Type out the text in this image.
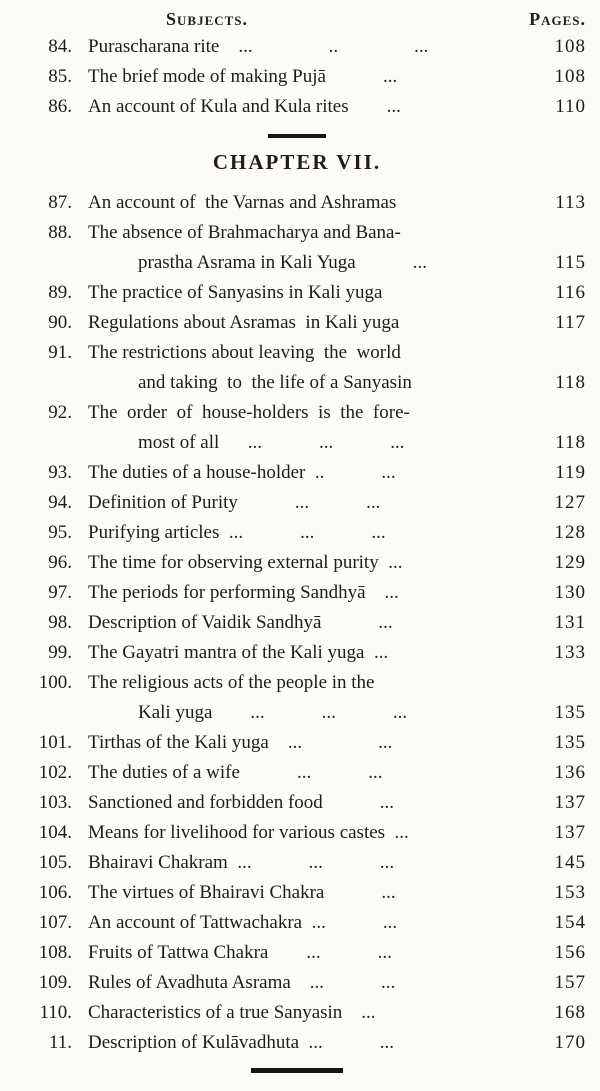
Subjects.	Pages.
84. Purascharana rite ...    ..    ...	108
85. The brief mode of making Pujā   ...	108
86. An account of Kula and Kula rites  ...	110
CHAPTER VII.
87. An account of the Varnas and Ashramas	113
88. The absence of Brahmacharya and Bana-
prastha Asrama in Kali Yuga   ...	115
89. The practice of Sanyasins in Kali yuga	116
90. Regulations about Asramas in Kali yuga	117
91. The restrictions about leaving the world
and taking to the life of a Sanyasin	118
92. The order of house-holders is the fore-
most of all  ...   ...   ...	118
93. The duties of a house-holder ..   ...	119
94. Definition of Purity   ...   ...	127
95. Purifying articles ...   ...   ...	128
96. The time for observing external purity ...	129
97. The periods for performing Sandhyā ...	130
98. Description of Vaidik Sandhyā   ...	131
99. The Gayatri mantra of the Kali yuga ...	133
100. The religious acts of the people in the
Kali yuga  ...   ...   ...	135
101. Tirthas of the Kali yuga ...    ...	135
102. The duties of a wife   ...   ...	136
103. Sanctioned and forbidden food   ...	137
104. Means for livelihood for various castes ...	137
105. Bhairavi Chakram ...   ...   ...	145
106. The virtues of Bhairavi Chakra   ...	153
107. An account of Tattwachakra ...   ...	154
108. Fruits of Tattwa Chakra  ...   ...	156
109. Rules of Avadhuta Asrama ...   ...	157
110. Characteristics of a true Sanyasin ...	168
11. Description of Kulāvadhuta ...   ...	170
